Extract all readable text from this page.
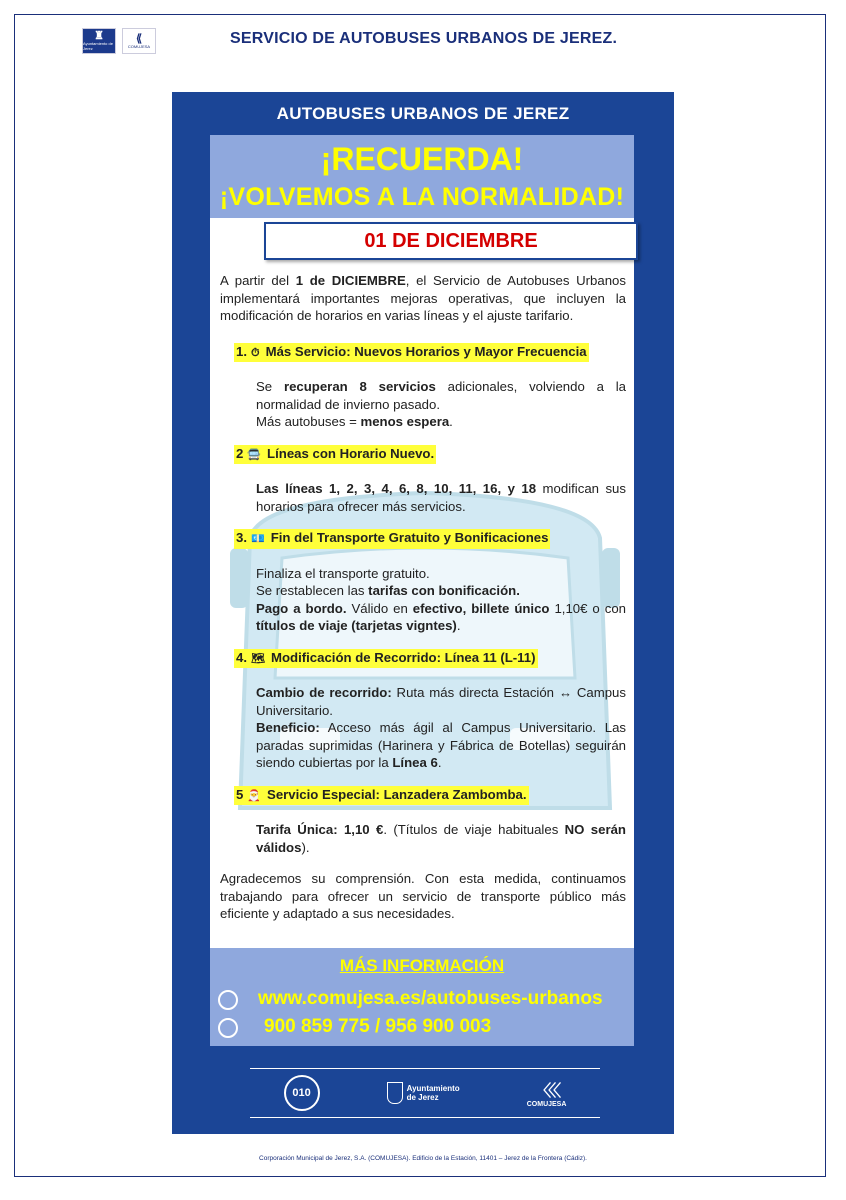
♜
Ayuntamiento de Jerez
⟪
COMUJESA	SERVICIO DE AUTOBUSES URBANOS DE JEREZ.
AUTOBUSES URBANOS DE JEREZ
¡RECUERDA!
¡VOLVEMOS A LA NORMALIDAD!
01 DE DICIEMBRE

A partir del 1 de DICIEMBRE, el Servicio de Autobuses Urbanos implementará importantes mejoras operativas, que incluyen la modificación de horarios en varias líneas y el ajuste tarifario.

1. ⏱ Más Servicio: Nuevos Horarios y Mayor Frecuencia

Se recuperan 8 servicios adicionales, volviendo a la normalidad de invierno pasado.

Más autobuses = menos espera.

2 🚍 Líneas con Horario Nuevo.

Las líneas 1, 2, 3, 4, 6, 8, 10, 11, 16, y 18 modifican sus horarios para ofrecer más servicios.

3. 💶 Fin del Transporte Gratuito y Bonificaciones

Finaliza el transporte gratuito.

Se restablecen las tarifas con bonificación.

Pago a bordo. Válido en efectivo, billete único 1,10€ o con títulos de viaje (tarjetas vigntes).

4. 🗺 Modificación de Recorrido: Línea 11 (L-11)

Cambio de recorrido: Ruta más directa Estación ↔ Campus Universitario.

Beneficio: Acceso más ágil al Campus Universitario. Las paradas suprimidas (Harinera y Fábrica de Botellas) seguirán siendo cubiertas por la Línea 6.

5 🎅 Servicio Especial: Lanzadera Zambomba.

Tarifa Única: 1,10 €. (Títulos de viaje habituales NO serán válidos).

Agradecemos su comprensión. Con esta medida, continuamos trabajando para ofrecer un servicio de transporte público más eficiente y adaptado a sus necesidades.

MÁS INFORMACIÓN
www.comujesa.es/autobuses-urbanos
900 859 775 / 956 900 003
010	Ayuntamiento
de Jerez	〈〈〈
COMUJESA
Corporación Municipal de Jerez, S.A. (COMUJESA). Edificio de la Estación, 11401 – Jerez de la Frontera (Cádiz).
